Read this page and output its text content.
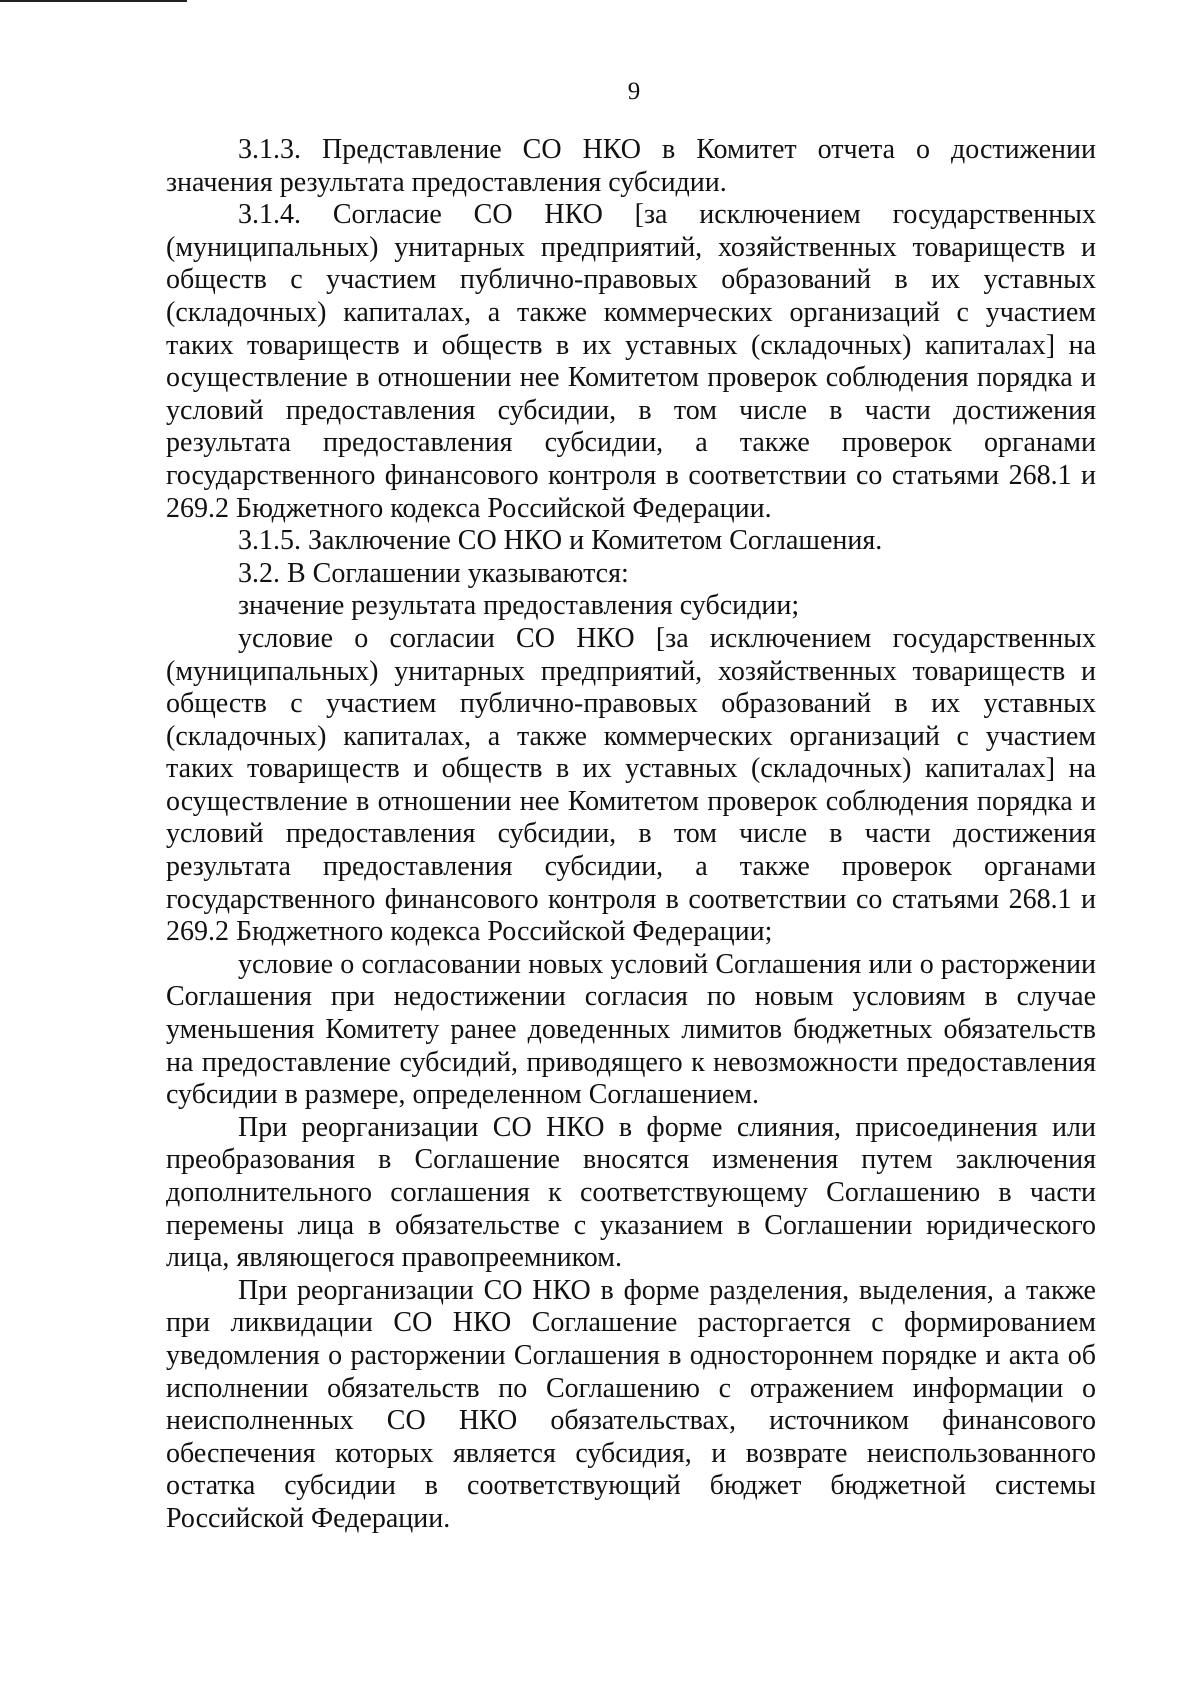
9

3.1.3. Представление СО НКО в Комитет отчета о достижении значения результата предоставления субсидии.

3.1.4. Согласие СО НКО [за исключением государственных (муниципальных) унитарных предприятий, хозяйственных товариществ и обществ с участием публично-правовых образований в их уставных (складочных) капиталах, а также коммерческих организаций с участием таких товариществ и обществ в их уставных (складочных) капиталах] на осуществление в отношении нее Комитетом проверок соблюдения порядка и условий предоставления субсидии, в том числе в части достижения результата предоставления субсидии, а также проверок органами государственного финансового контроля в соответствии со статьями 268.1 и 269.2 Бюджетного кодекса Российской Федерации.

3.1.5. Заключение СО НКО и Комитетом Соглашения.

3.2. В Соглашении указываются:

значение результата предоставления субсидии;

условие о согласии СО НКО [за исключением государственных (муниципальных) унитарных предприятий, хозяйственных товариществ и обществ с участием публично-правовых образований в их уставных (складочных) капиталах, а также коммерческих организаций с участием таких товариществ и обществ в их уставных (складочных) капиталах] на осуществление в отношении нее Комитетом проверок соблюдения порядка и условий предоставления субсидии, в том числе в части достижения результата предоставления субсидии, а также проверок органами государственного финансового контроля в соответствии со статьями 268.1 и 269.2 Бюджетного кодекса Российской Федерации;

условие о согласовании новых условий Соглашения или о расторжении Соглашения при недостижении согласия по новым условиям в случае уменьшения Комитету ранее доведенных лимитов бюджетных обязательств на предоставление субсидий, приводящего к невозможности предоставления субсидии в размере, определенном Соглашением.

При реорганизации СО НКО в форме слияния, присоединения или преобразования в Соглашение вносятся изменения путем заключения дополнительного соглашения к соответствующему Соглашению в части перемены лица в обязательстве с указанием в Соглашении юридического лица, являющегося правопреемником.

При реорганизации СО НКО в форме разделения, выделения, а также при ликвидации СО НКО Соглашение расторгается с формированием уведомления о расторжении Соглашения в одностороннем порядке и акта об исполнении обязательств по Соглашению с отражением информации о неисполненных СО НКО обязательствах, источником финансового обеспечения которых является субсидия, и возврате неиспользованного остатка субсидии в соответствующий бюджет бюджетной системы Российской Федерации.
